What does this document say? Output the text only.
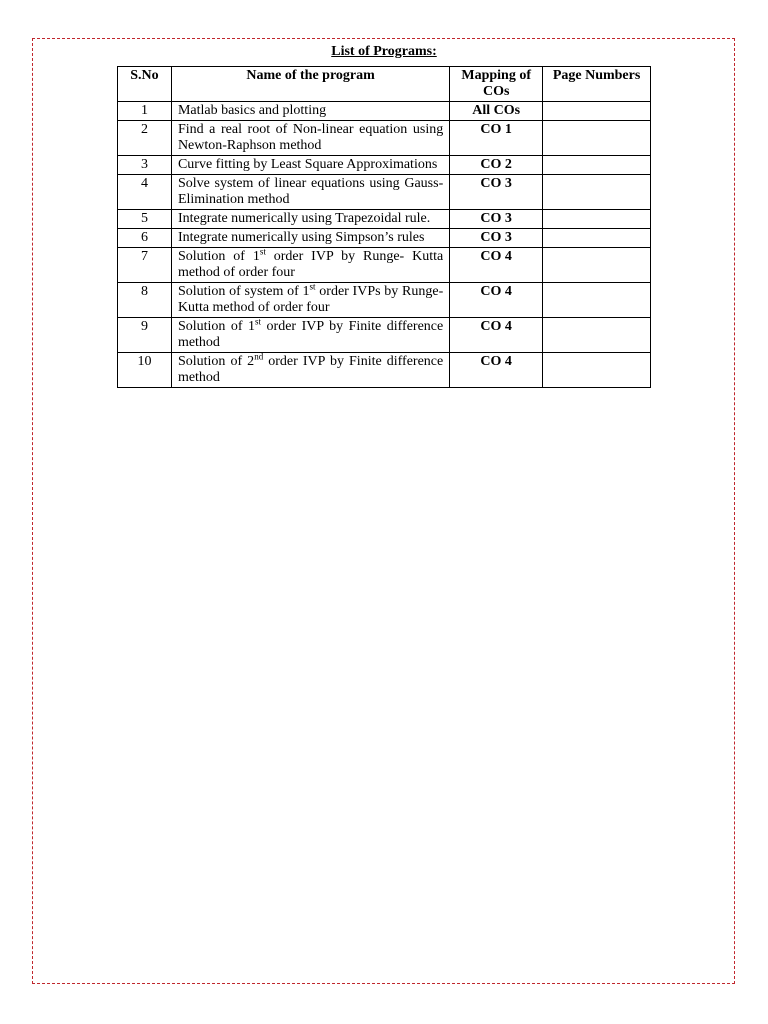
List of Programs:
S.No	Name of the program	Mapping of COs	Page Numbers
1	Matlab basics and plotting	All COs	
2	Find a real root of Non-linear equation using Newton-Raphson method	CO 1	
3	Curve fitting by Least Square Approximations	CO 2	
4	Solve system of linear equations using Gauss-Elimination method	CO 3	
5	Integrate numerically using Trapezoidal rule.	CO 3	
6	Integrate numerically using Simpson’s rules	CO 3	
7	Solution of 1st order IVP by Runge- Kutta method of order four	CO 4	
8	Solution of system of 1st order IVPs by Runge- Kutta method of order four	CO 4	
9	Solution of 1st order IVP by Finite difference method	CO 4	
10	Solution of 2nd order IVP by Finite difference method	CO 4	
